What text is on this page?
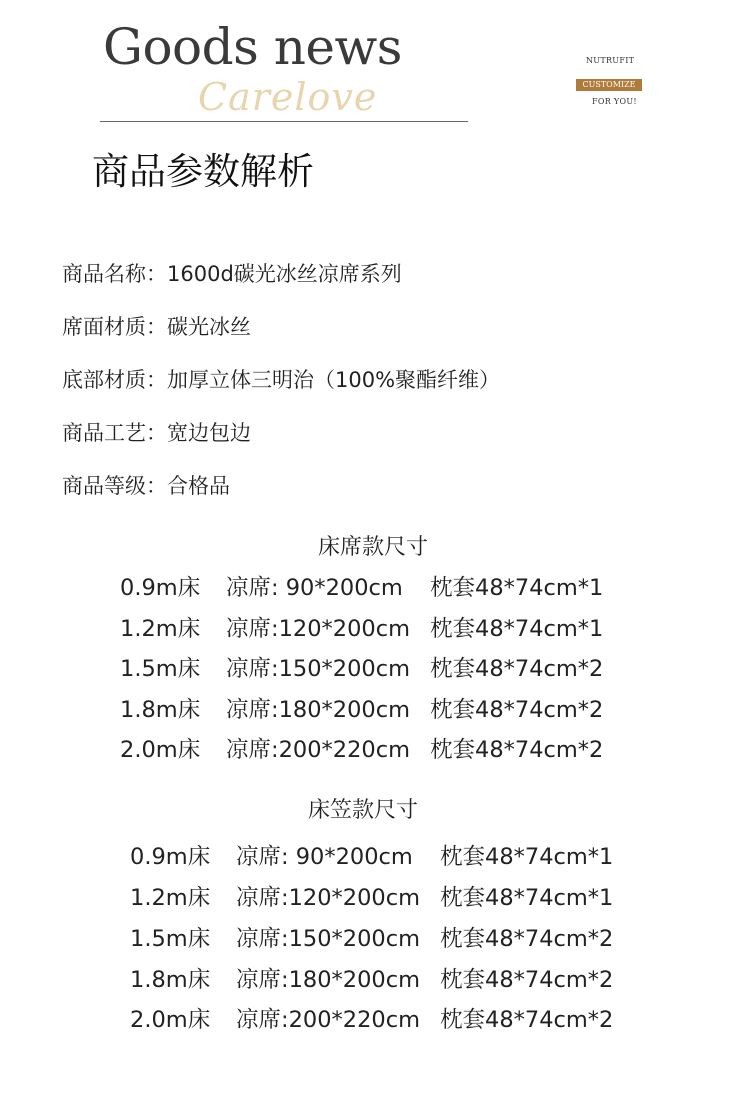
Goods news
Carelove
NUTRUFIT
CUSTOMIZE
FOR YOU!
商品参数解析
商品名称：1600d碳光冰丝凉席系列
席面材质：碳光冰丝
底部材质：加厚立体三明治（100%聚酯纤维）
商品工艺：宽边包边
商品等级：合格品
床席款尺寸
0.9m床 凉席: 90*200cm 枕套48*74cm*1
1.2m床 凉席:120*200cm 枕套48*74cm*1
1.5m床 凉席:150*200cm 枕套48*74cm*2
1.8m床 凉席:180*200cm 枕套48*74cm*2
2.0m床 凉席:200*220cm 枕套48*74cm*2
床笠款尺寸
0.9m床 凉席: 90*200cm 枕套48*74cm*1
1.2m床 凉席:120*200cm 枕套48*74cm*1
1.5m床 凉席:150*200cm 枕套48*74cm*2
1.8m床 凉席:180*200cm 枕套48*74cm*2
2.0m床 凉席:200*220cm 枕套48*74cm*2
